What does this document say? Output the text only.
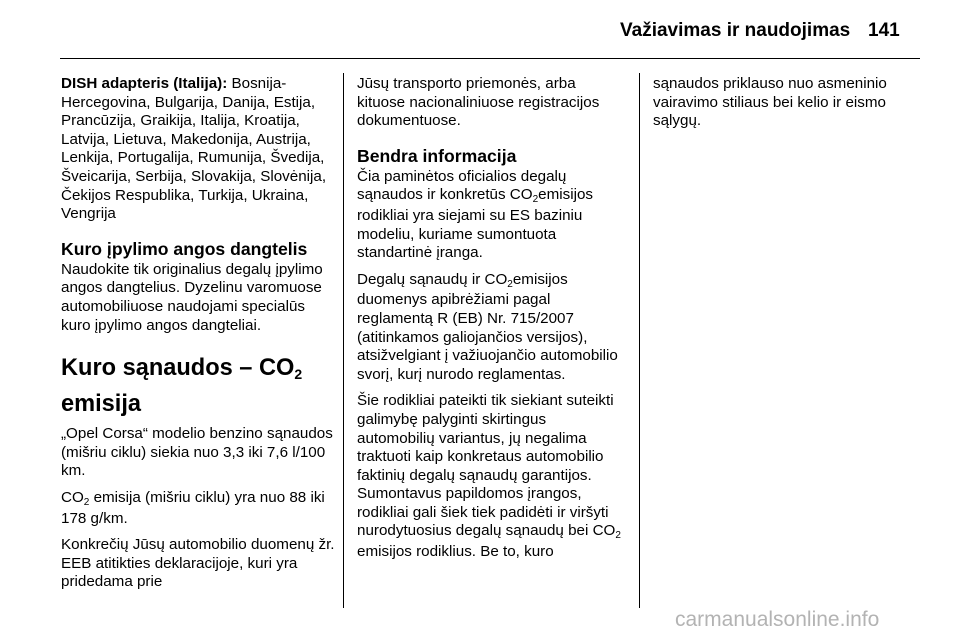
Važiavimas ir naudojimas 141

DISH adapteris (Italija): Bosnija-Hercegovina, Bulgarija, Danija, Estija, Prancūzija, Graikija, Italija, Kroatija, Latvija, Lietuva, Makedonija, Austrija, Lenkija, Portugalija, Rumunija, Švedija, Šveicarija, Serbija, Slovakija, Slovėnija, Čekijos Respublika, Turkija, Ukraina, Vengrija

Kuro įpylimo angos dangtelis

Naudokite tik originalius degalų įpylimo angos dangtelius. Dyzelinu varomuose automobiliuose naudojami specialūs kuro įpylimo angos dangteliai.

Kuro sąnaudos – CO2
emisija

„Opel Corsa“ modelio benzino sąnaudos (mišriu ciklu) siekia nuo 3,3 iki 7,6 l/100 km.

CO2 emisija (mišriu ciklu) yra nuo 88 iki 178 g/km.

Konkrečių Jūsų automobilio duomenų žr. EEB atitikties deklaracijoje, kuri yra pridedama prie

Jūsų transporto priemonės, arba kituose nacionaliniuose registracijos dokumentuose.

Bendra informacija

Čia paminėtos oficialios degalų sąnaudos ir konkretūs CO2emisijos rodikliai yra siejami su ES baziniu modeliu, kuriame sumontuota standartinė įranga.

Degalų sąnaudų ir CO2emisijos duomenys apibrėžiami pagal reglamentą R (EB) Nr. 715/2007 (atitinkamos galiojančios versijos), atsižvelgiant į važiuojančio automobilio svorį, kurį nurodo reglamentas.

Šie rodikliai pateikti tik siekiant suteikti galimybę palyginti skirtingus automobilių variantus, jų negalima traktuoti kaip konkretaus automobilio faktinių degalų sąnaudų garantijos. Sumontavus papildomos įrangos, rodikliai gali šiek tiek padidėti ir viršyti nurodytuosius degalų sąnaudų bei CO2 emisijos rodiklius. Be to, kuro

sąnaudos priklauso nuo asmeninio vairavimo stiliaus bei kelio ir eismo sąlygų.

carmanualsonline.info
